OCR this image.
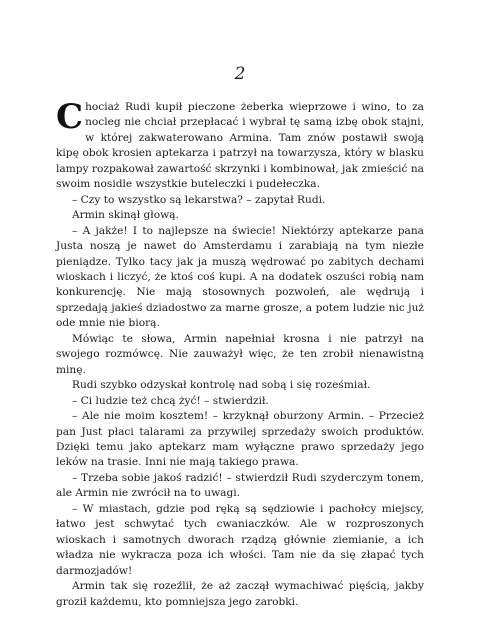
2

Chociaż Rudi kupił pieczone żeberka wieprzowe i wino, to za nocleg nie chciał przepłacać i wybrał tę samą izbę obok stajni, w której zakwaterowano Armina. Tam znów postawił swoją kipę obok krosien aptekarza i patrzył na towarzysza, który w blasku lampy rozpakował zawartość skrzynki i kombinował, jak zmieścić na swoim nosidle wszystkie buteleczki i pudełeczka.

– Czy to wszystko są lekarstwa? – zapytał Rudi.

Armin skinął głową.

– A jakże! I to najlepsze na świecie! Niektórzy aptekarze pana Justa noszą je nawet do Amsterdamu i zarabiają na tym niezłe pieniądze. Tylko tacy jak ja muszą wędrować po zabitych dechami wioskach i liczyć, że ktoś coś kupi. A na dodatek oszuści robią nam konkurencję. Nie mają stosownych pozwoleń, ale wędrują i sprzedają jakieś dziadostwo za marne grosze, a potem ludzie nic już ode mnie nie biorą.

Mówiąc te słowa, Armin napełniał krosna i nie patrzył na swojego rozmówcę. Nie zauważył więc, że ten zrobił nienawistną minę.

Rudi szybko odzyskał kontrolę nad sobą i się roześmiał.

– Ci ludzie też chcą żyć! – stwierdził.

– Ale nie moim kosztem! – krzyknął oburzony Armin. – Przecież pan Just płaci talarami za przywilej sprzedaży swoich produktów. Dzięki temu jako aptekarz mam wyłączne prawo sprzedaży jego leków na trasie. Inni nie mają takiego prawa.

– Trzeba sobie jakoś radzić! – stwierdził Rudi szyderczym tonem, ale Armin nie zwrócił na to uwagi.

– W miastach, gdzie pod ręką są sędziowie i pachołcy miejscy, łatwo jest schwytać tych cwaniaczków. Ale w rozproszonych wioskach i samotnych dworach rządzą głównie ziemianie, a ich władza nie wykracza poza ich włości. Tam nie da się złapać tych darmozjadów!

Armin tak się rozeźlił, że aż zaczął wymachiwać pięścią, jakby groził każdemu, kto pomniejsza jego zarobki.
